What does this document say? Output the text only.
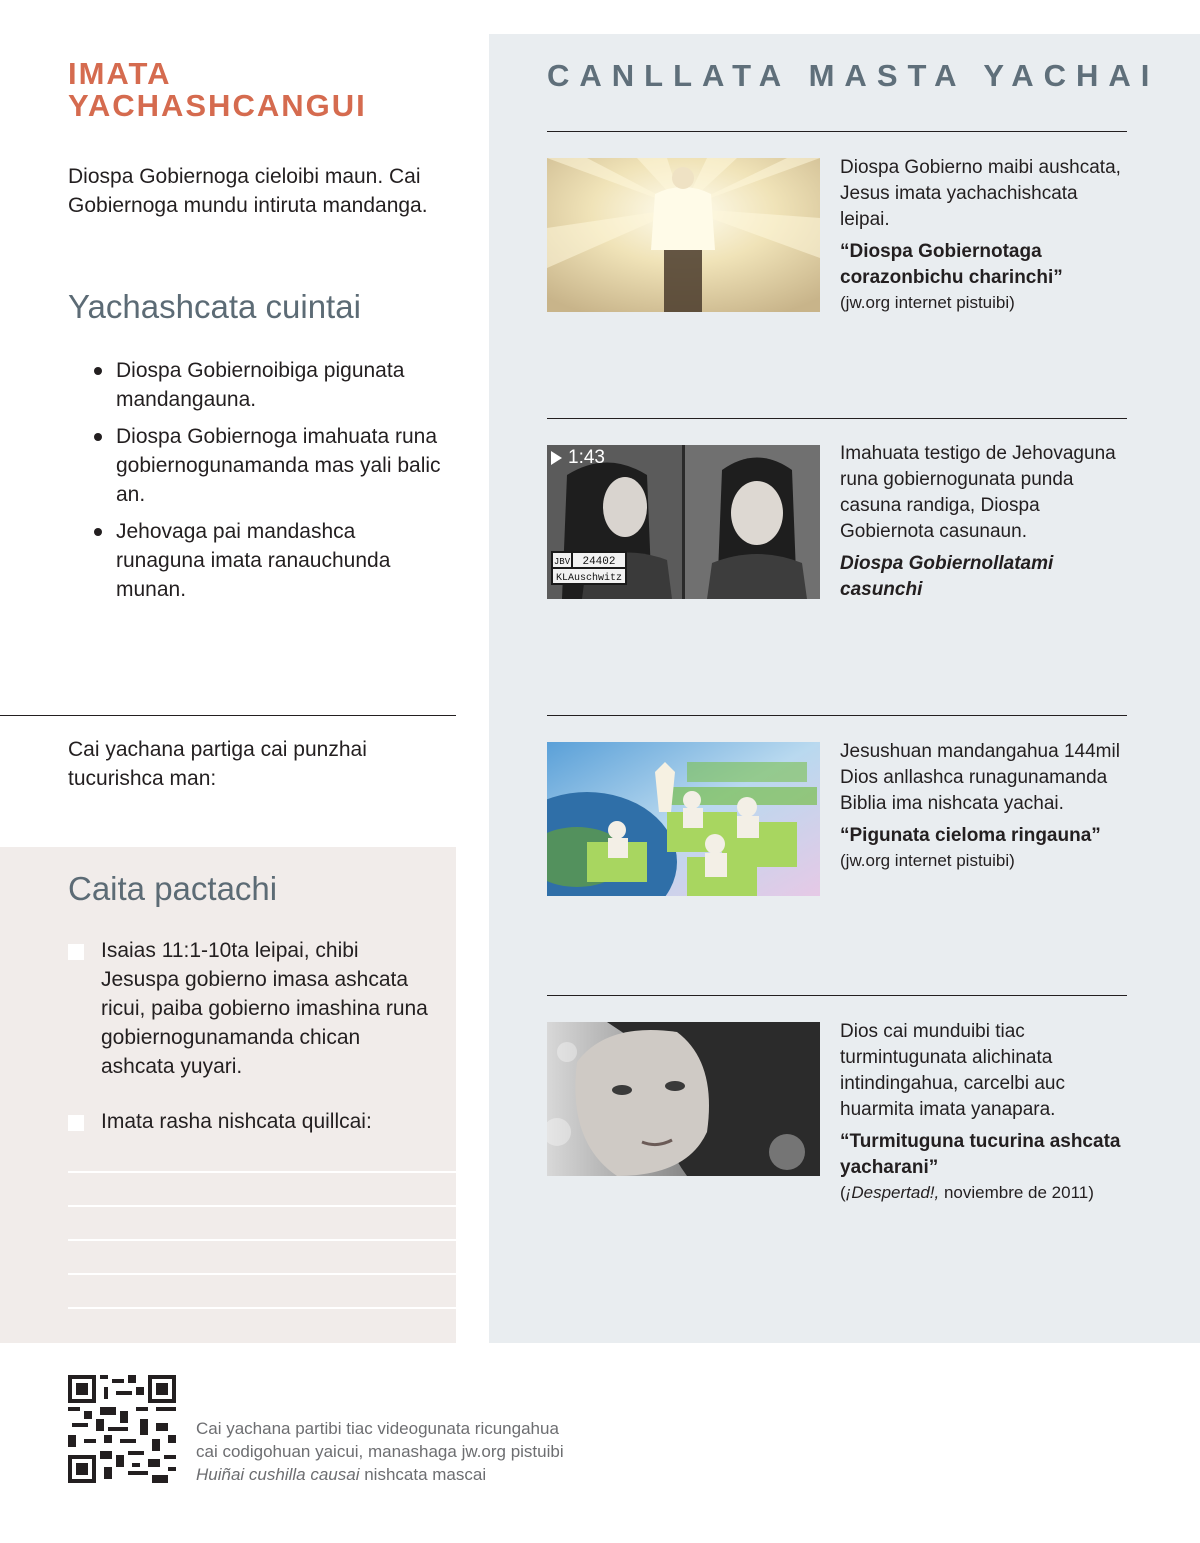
IMATA
YACHASHCANGUI

Diospa Gobiernoga cieloibi maun. Cai Gobiernoga mundu intiruta mandanga.

Yachashcata cuintai
Diospa Gobiernoibiga pigunata mandangauna.
Diospa Gobiernoga imahuata runa gobiernogunamanda mas yali balic an.
Jehovaga pai mandashca runaguna imata ranauchunda munan.

Cai yachana partiga cai punzhai tucurishca man:

Caita pactachi
Isaias 11:1-10ta leipai, chibi Jesuspa gobierno imasa ashcata ricui, paiba gobierno imashina runa gobiernogunamanda chican ashcata yuyari.
Imata rasha nishcata quillcai:
CANLLATA MASTA YACHAI

Diospa Gobierno maibi aushcata, Jesus imata yachachishcata leipai.

“Diospa Gobiernotaga corazonbichu charinchi”

(jw.org internet pistuibi)

JBV 24402
KLAuschwitz
1:43	Imahuata testigo de Jehovaguna runa gobiernogunata punda casuna randiga, Diospa Gobiernota casunaun.

Diospa Gobiernollatami casunchi

Jesushuan mandangahua 144mil Dios anllashca runagunamanda Biblia ima nishcata yachai.

“Pigunata cieloma ringauna”

(jw.org internet pistuibi)

Dios cai munduibi tiac turmintugunata alichinata intindingahua, carcelbi auc huarmita imata yanapara.

“Turmituguna tucurina ashcata yacharani”

(¡Despertad!, noviembre de 2011)

Cai yachana partibi tiac videogunata ricungahua
cai codigohuan yaicui, manashaga jw.org pistuibi
Huiñai cushilla causai nishcata mascai
